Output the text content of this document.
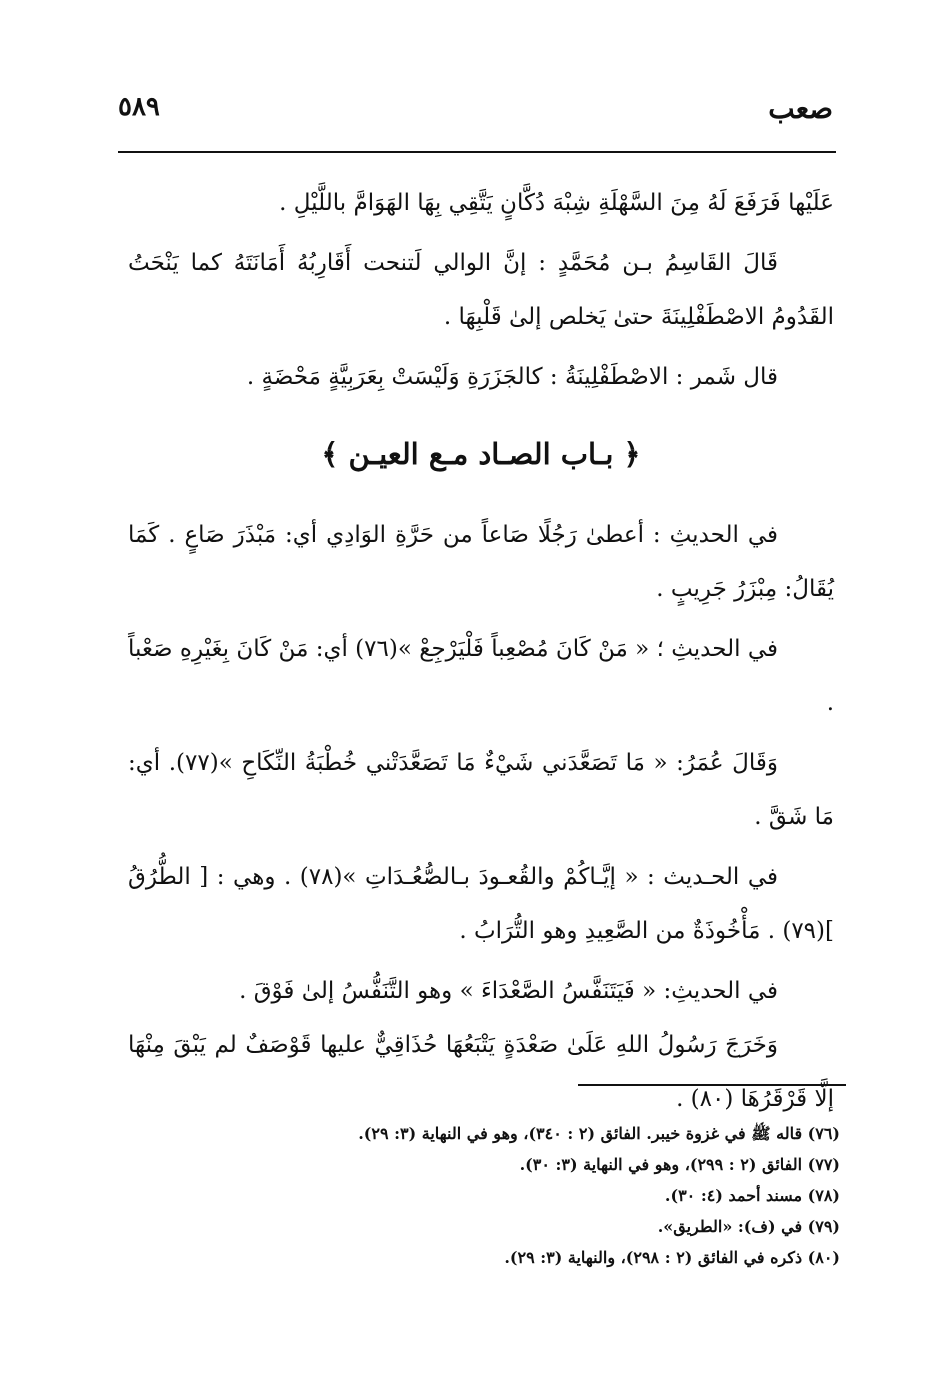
صعب
٥٨٩

عَلَيْها فَرَفَعَ لَهُ مِنَ السَّهْلَةِ شِبْهَ دُكَّانٍ يَتَّقِي بِهَا الهَوَامَّ باللَّيْلِ .

قَالَ القَاسِمُ بـن مُحَمَّدٍ : إنَّ الوالي لَتنحت أَقَارِبُهُ أَمَانَتَهُ كما يَنْحَتُ القَدُومُ الاصْطَفْلِينَةَ حتىٰ يَخلص إلىٰ قَلْبِهَا .

قال شَمر : الاصْطَفْلِينَةُ : كالجَزَرَةِ وَلَيْسَتْ بِعَرَبِيَّةٍ مَحْضَةٍ .

﴿ بـاب الصـاد مـع العيـن ﴾

في الحديثِ : أعطىٰ رَجُلًا صَاعاً من حَرَّةِ الوَادِي أي: مَبْذَرَ صَاعٍ . كَمَا يُقَالُ: مِبْزَرُ جَرِيبٍ .

في الحديثِ ؛ « مَنْ كَانَ مُصْعِباً فَلْيَرْجِعْ »(٧٦) أي: مَنْ كَانَ بِغَيْرِهِ صَعْباً .

وَقَالَ عُمَرُ: « مَا تَصَعَّدَني شَيْءٌ مَا تَصَعَّدَتْني خُطْبَةُ النِّكَاحِ »(٧٧). أي: مَا شَقَّ .

في الحـديث : « إيَّـاكُمْ والقُعـودَ بـالصُّعُـدَاتِ »(٧٨) . وهي : [ الطُّرُقُ ](٧٩) . مَأْخُوذَةٌ من الصَّعِيدِ وهو التُّرَابُ .

في الحديثِ: « فَيَتَنَفَّسُ الصَّعْدَاءَ » وهو التَّنَفُّسُ إلىٰ فَوْقَ .

وَخَرَجَ رَسُولُ اللهِ عَلَىٰ صَعْدَةٍ يَتْبَعُهَا حُذَاقِيٌّ عليها قَوْصَفٌ لم يَبْقَ مِنْهَا إلَّا قَرْقَرُهَا (٨٠) .

(٧٦) قاله ﷺ في غزوة خيبر. الفائق (٢ : ٣٤٠)، وهو في النهاية (٣: ٢٩).

(٧٧) الفائق (٢ : ٢٩٩)، وهو في النهاية (٣: ٣٠).

(٧٨) مسند أحمد (٤: ٣٠).

(٧٩) في (ف): «الطريق».

(٨٠) ذكره في الفائق (٢ : ٢٩٨)، والنهاية (٣: ٢٩).
